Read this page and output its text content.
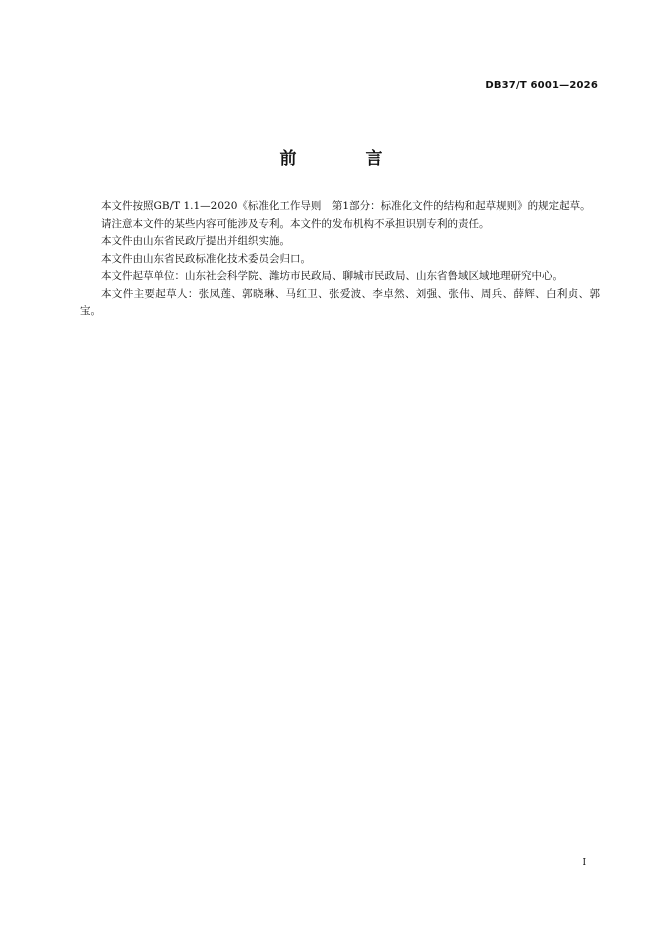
DB37/T 6001—2026
前　言

本文件按照GB/T 1.1—2020《标准化工作导则　第1部分：标准化文件的结构和起草规则》的规定起草。

请注意本文件的某些内容可能涉及专利。本文件的发布机构不承担识别专利的责任。

本文件由山东省民政厅提出并组织实施。

本文件由山东省民政标准化技术委员会归口。

本文件起草单位：山东社会科学院、潍坊市民政局、聊城市民政局、山东省鲁域区域地理研究中心。

本文件主要起草人：张凤莲、郭晓琳、马红卫、张爱波、李卓然、刘强、张伟、周兵、薛辉、白利贞、郭宝。

I
